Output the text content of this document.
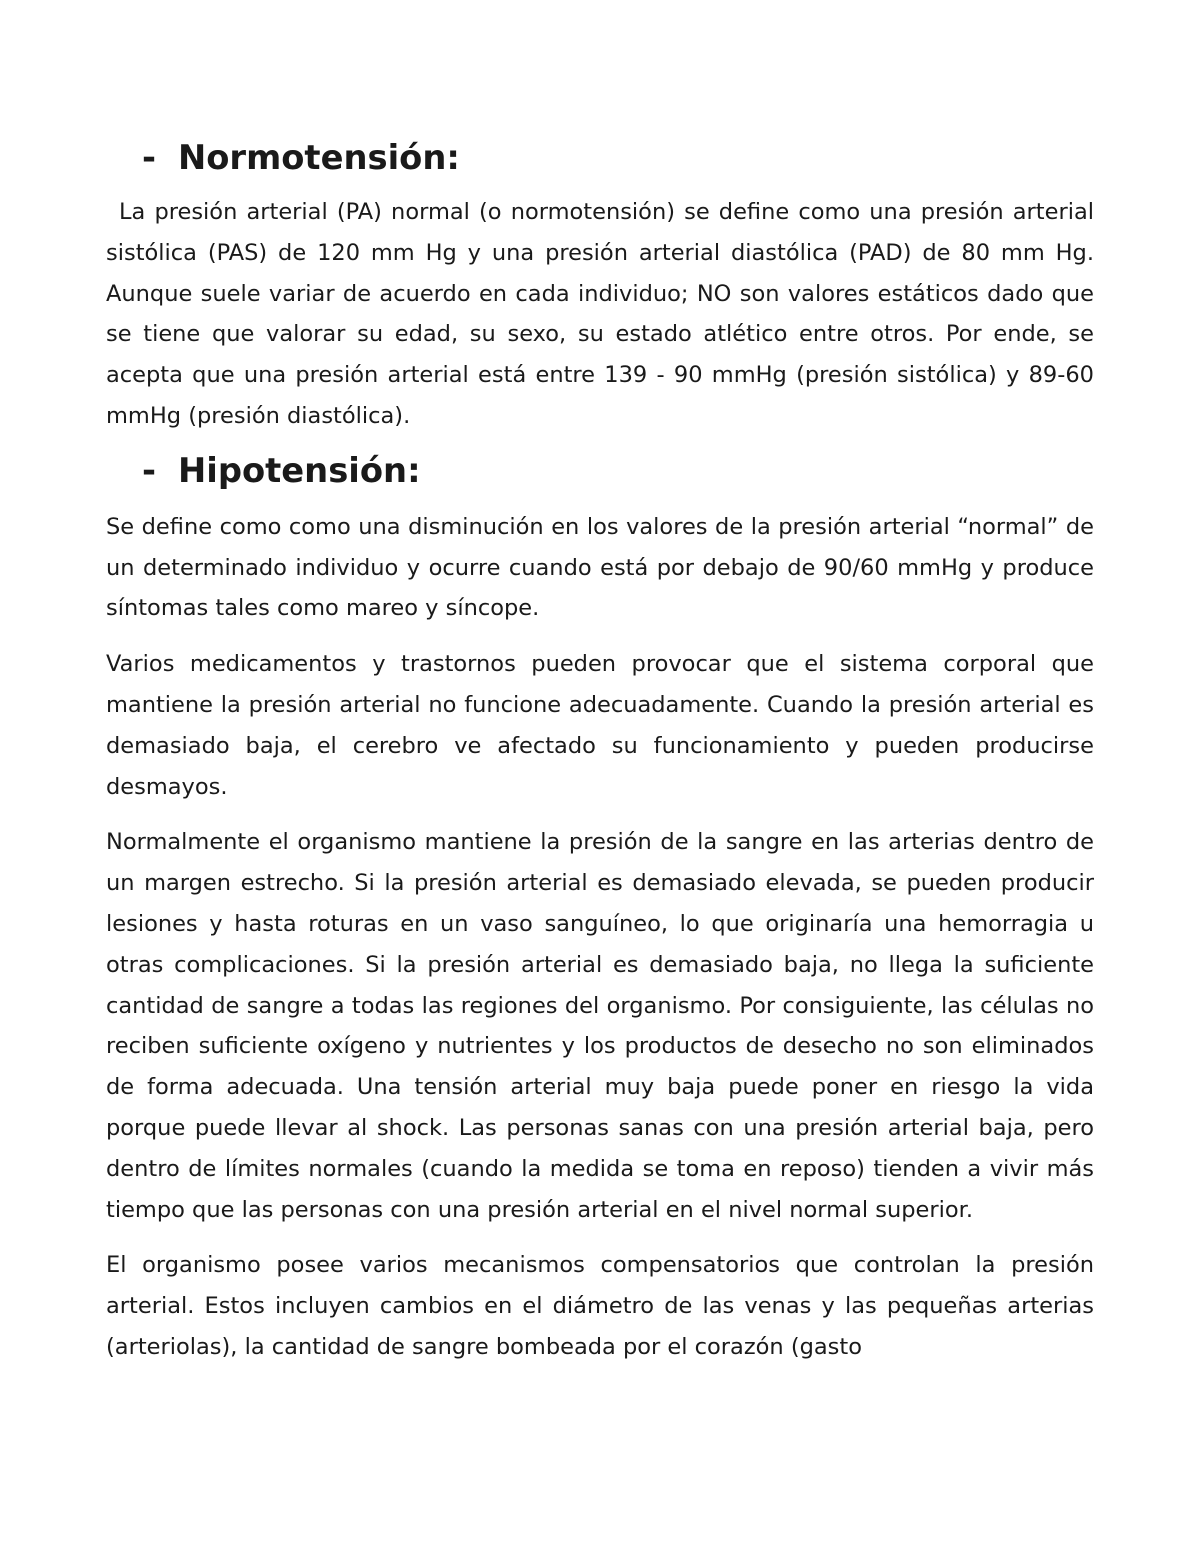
- Normotensión:

La presión arterial (PA) normal (o normotensión) se define como una presión arterial sistólica (PAS) de 120 mm Hg y una presión arterial diastólica (PAD) de 80 mm Hg. Aunque suele variar de acuerdo en cada individuo; NO son valores estáticos dado que se tiene que valorar su edad, su sexo, su estado atlético entre otros. Por ende, se acepta que una presión arterial está entre 139 - 90 mmHg (presión sistólica) y 89-60 mmHg (presión diastólica).

- Hipotensión:

Se define como como una disminución en los valores de la presión arterial “normal” de un determinado individuo y ocurre cuando está por debajo de 90/60 mmHg y produce síntomas tales como mareo y síncope.

Varios medicamentos y trastornos pueden provocar que el sistema corporal que mantiene la presión arterial no funcione adecuadamente. Cuando la presión arterial es demasiado baja, el cerebro ve afectado su funcionamiento y pueden producirse desmayos.

Normalmente el organismo mantiene la presión de la sangre en las arterias dentro de un margen estrecho. Si la presión arterial es demasiado elevada, se pueden producir lesiones y hasta roturas en un vaso sanguíneo, lo que originaría una hemorragia u otras complicaciones. Si la presión arterial es demasiado baja, no llega la suficiente cantidad de sangre a todas las regiones del organismo. Por consiguiente, las células no reciben suficiente oxígeno y nutrientes y los productos de desecho no son eliminados de forma adecuada. Una tensión arterial muy baja puede poner en riesgo la vida porque puede llevar al shock. Las personas sanas con una presión arterial baja, pero dentro de límites normales (cuando la medida se toma en reposo) tienden a vivir más tiempo que las personas con una presión arterial en el nivel normal superior.

El organismo posee varios mecanismos compensatorios que controlan la presión arterial. Estos incluyen cambios en el diámetro de las venas y las pequeñas arterias (arteriolas), la cantidad de sangre bombeada por el corazón (gasto
